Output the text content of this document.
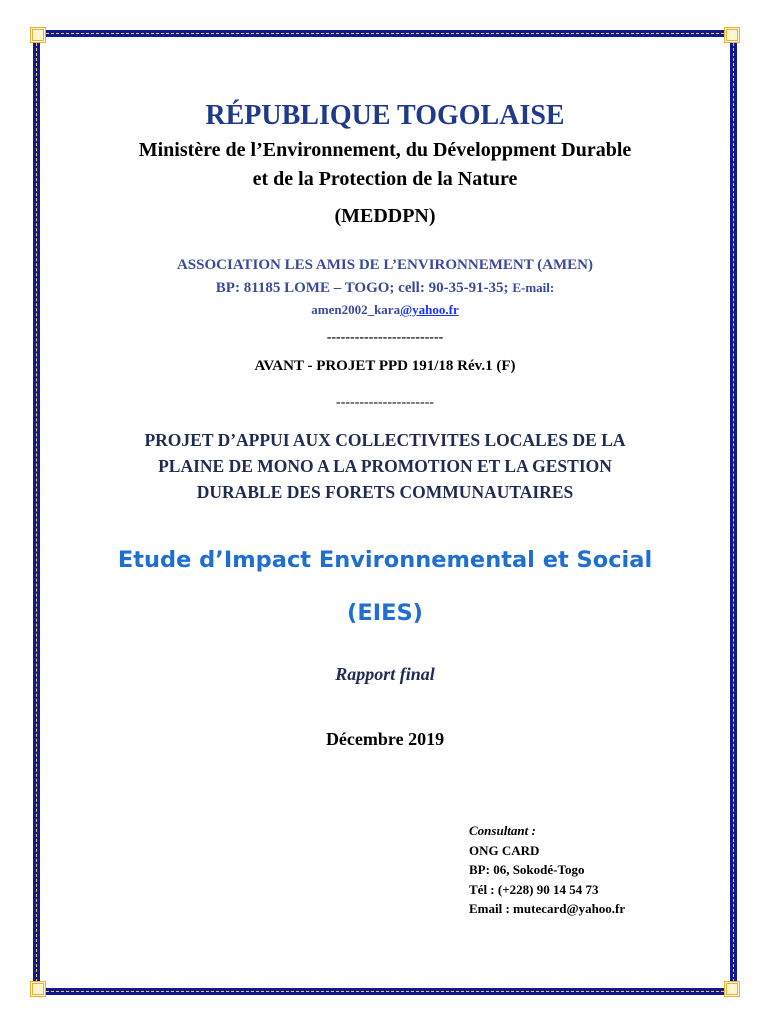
RÉPUBLIQUE TOGOLAISE
Ministère de l’Environnement, du Développment Durable
et de la Protection de la Nature
(MEDDPN)
ASSOCIATION LES AMIS DE L’ENVIRONNEMENT (AMEN)
BP: 81185 LOME – TOGO; cell: 90-35-91-35; E-mail:
amen2002_kara@yahoo.fr
-------------------------
AVANT - PROJET PPD 191/18 Rév.1 (F)
---------------------
PROJET D’APPUI AUX COLLECTIVITES LOCALES DE LA
PLAINE DE MONO A LA PROMOTION ET LA GESTION
DURABLE DES FORETS COMMUNAUTAIRES
Etude d’Impact Environnemental et Social
(EIES)
Rapport final
Décembre 2019
Consultant :
ONG CARD
BP: 06, Sokodé-Togo
Tél : (+228) 90 14 54 73
Email : mutecard@yahoo.fr
